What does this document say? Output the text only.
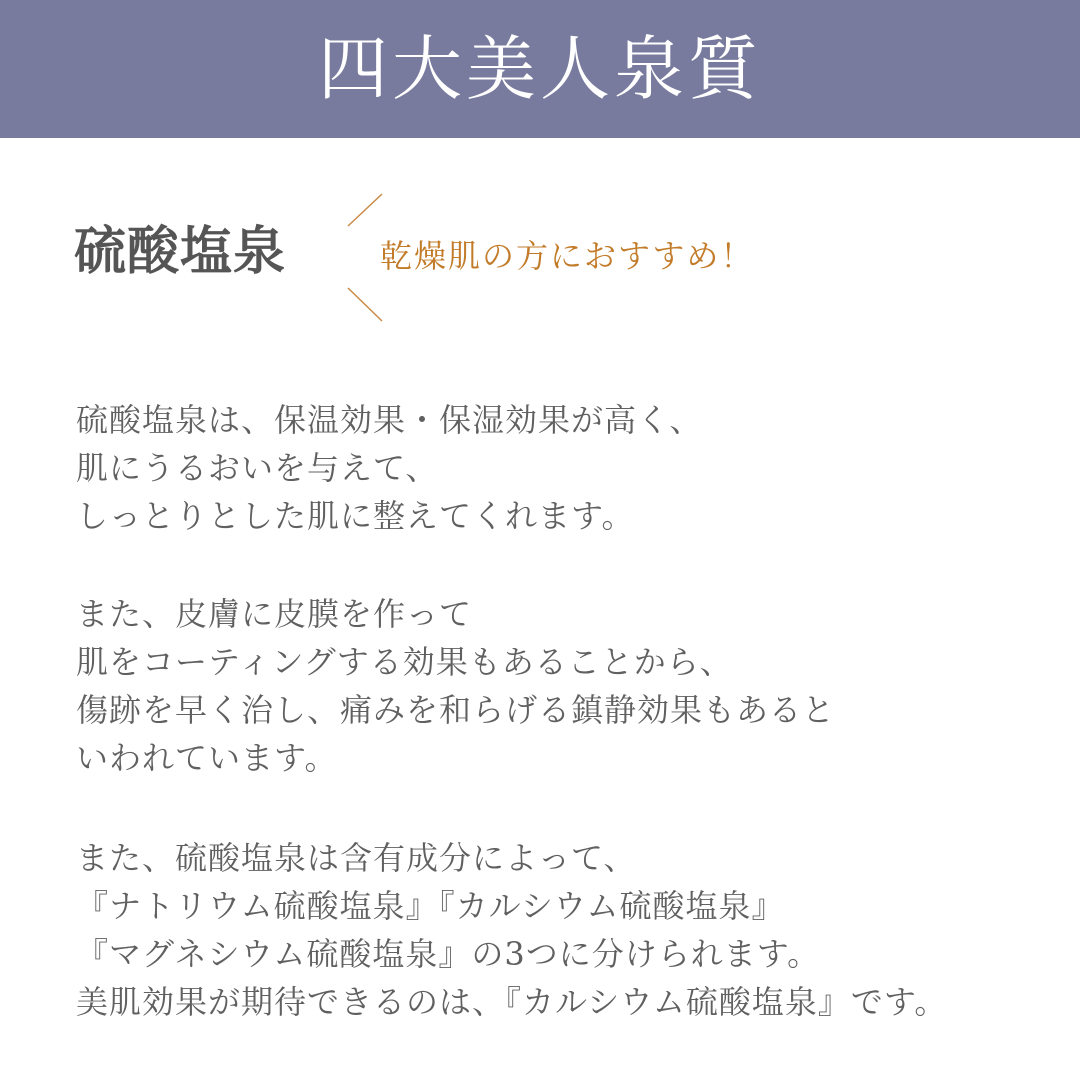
四大美人泉質
硫酸塩泉	乾燥肌の方におすすめ！
硫酸塩泉は、保温効果・保湿効果が高く、
肌にうるおいを与えて、
しっとりとした肌に整えてくれます。
また、皮膚に皮膜を作って
肌をコーティングする効果もあることから、
傷跡を早く治し、痛みを和らげる鎮静効果もあると
いわれています。
また、硫酸塩泉は含有成分によって、
『ナトリウム硫酸塩泉』『カルシウム硫酸塩泉』
『マグネシウム硫酸塩泉』の3つに分けられます。
美肌効果が期待できるのは、『カルシウム硫酸塩泉』です。
